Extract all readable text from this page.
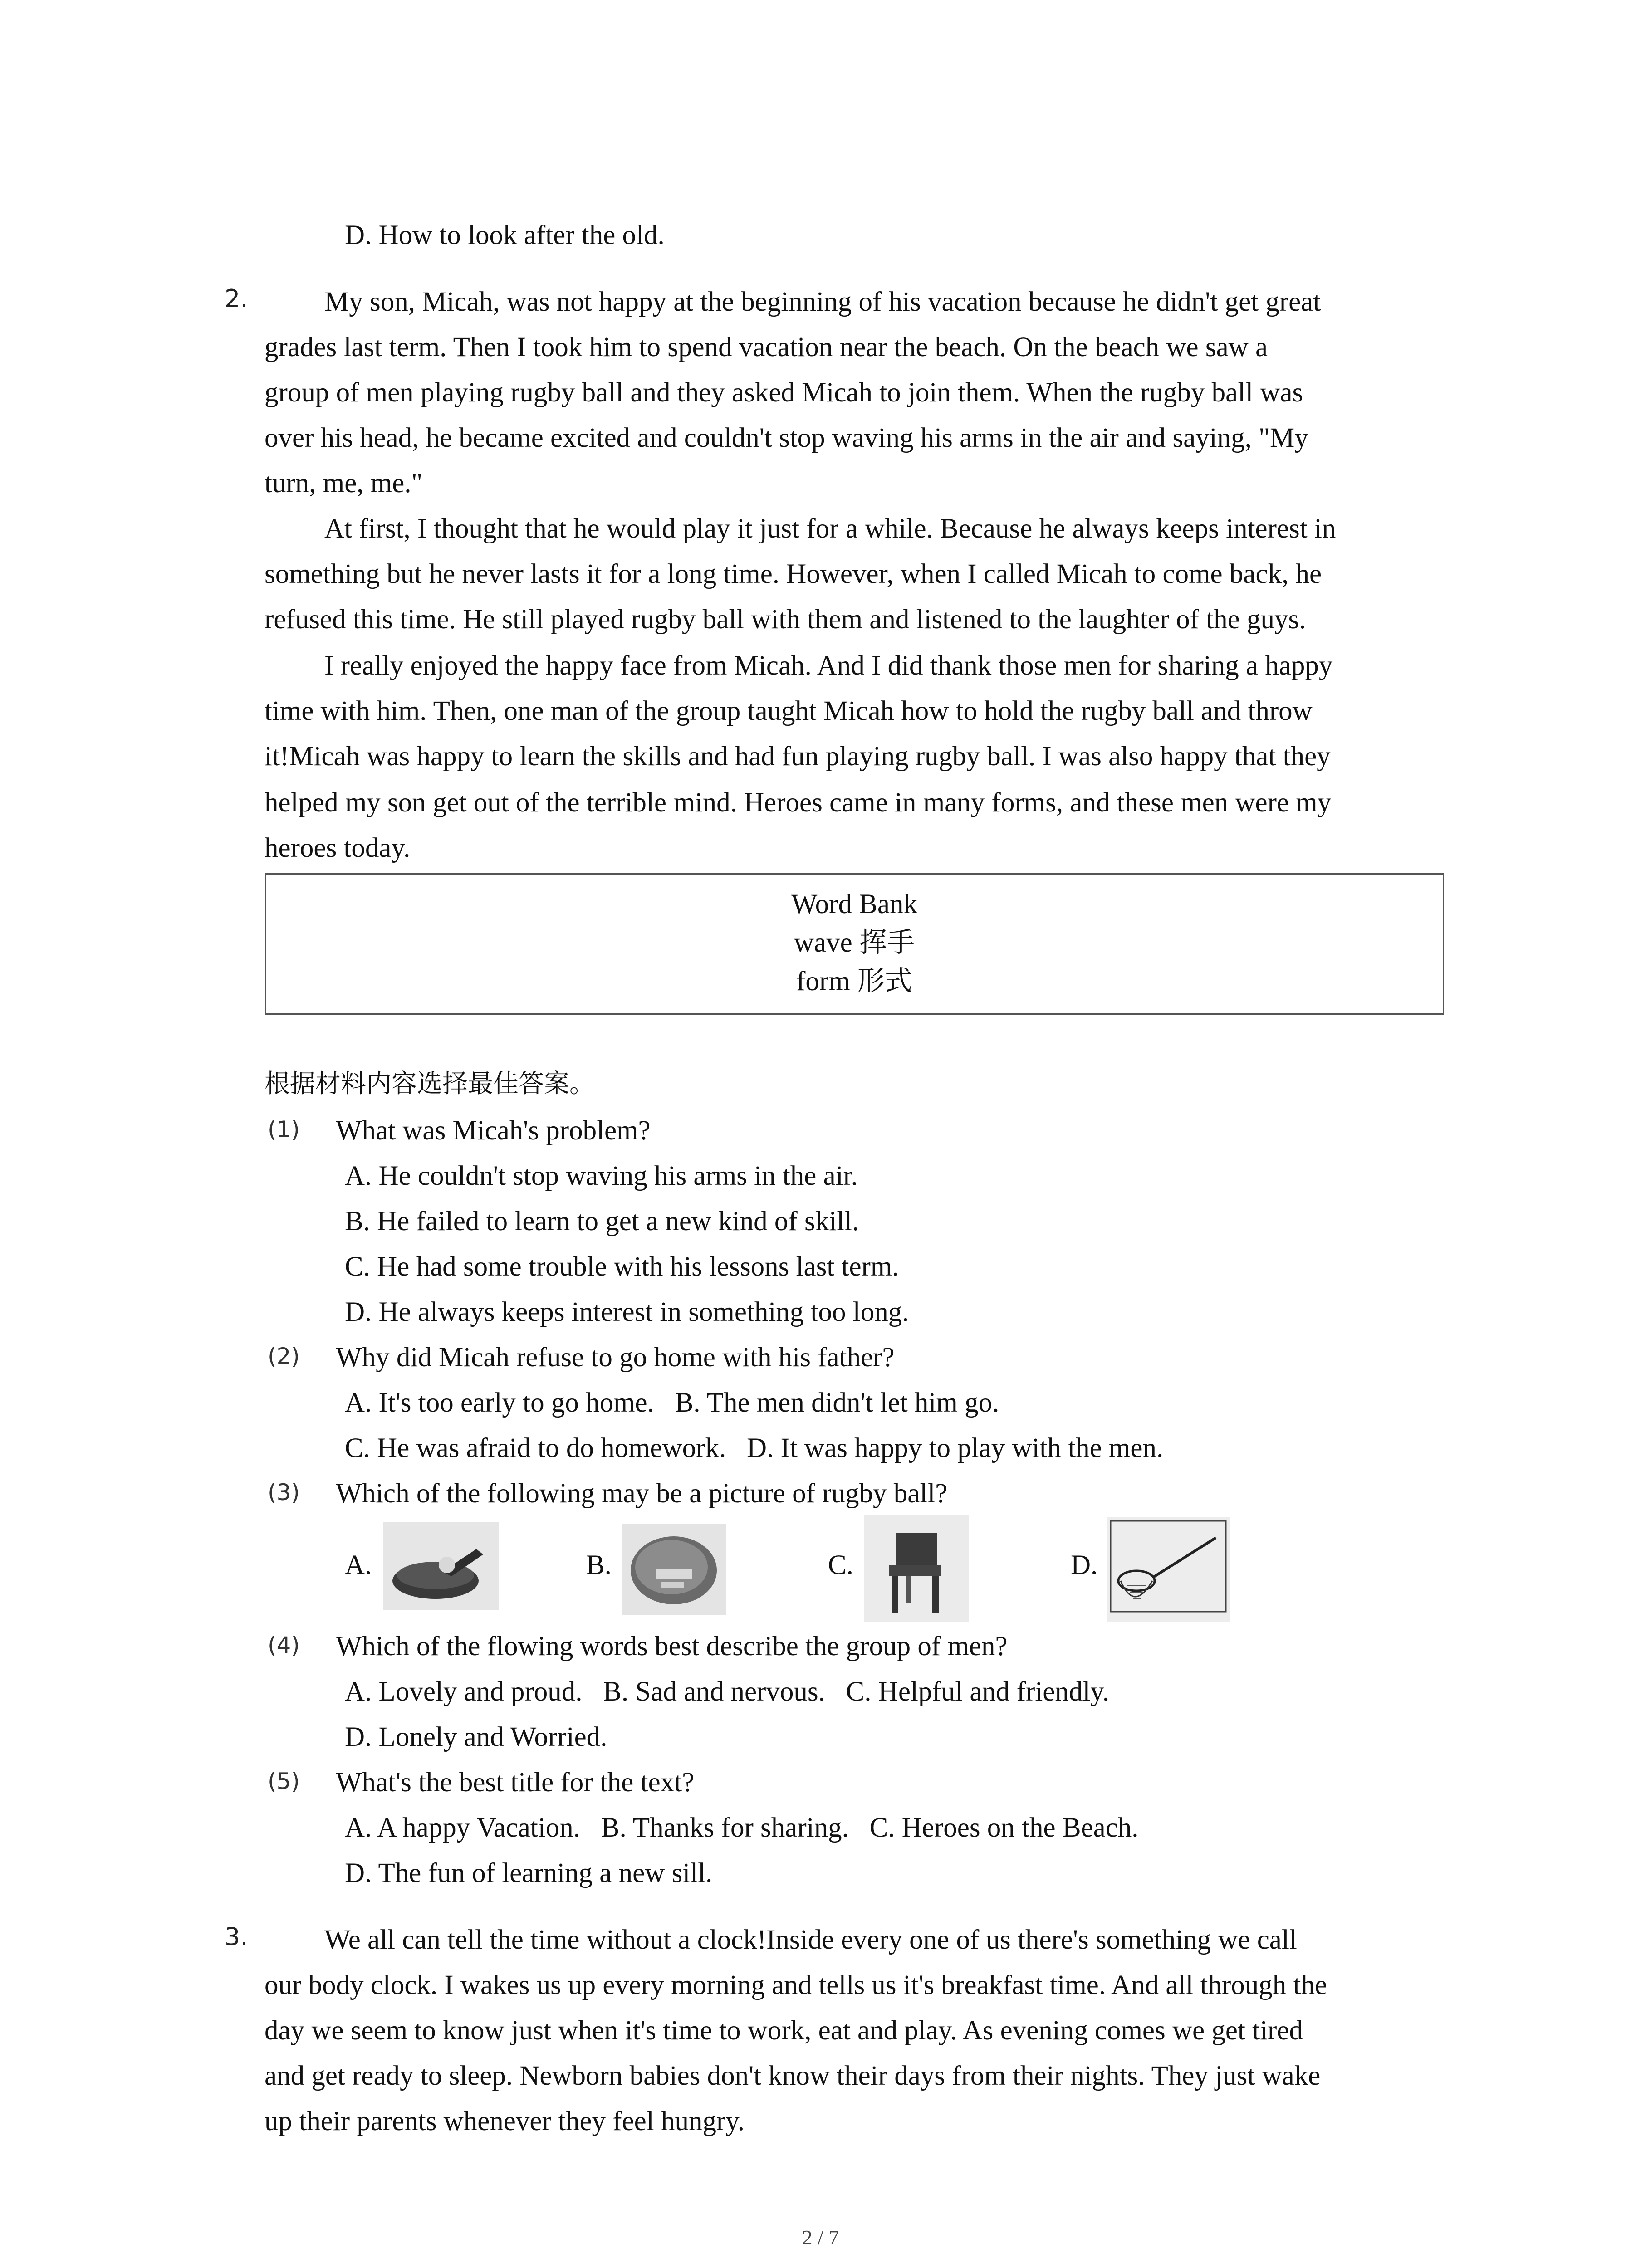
D. How to look after the old.
2.	My son, Micah, was not happy at the beginning of his vacation because he didn't get great
grades last term. Then I took him to spend vacation near the beach. On the beach we saw a
group of men playing rugby ball and they asked Micah to join them. When the rugby ball was
over his head, he became excited and couldn't stop waving his arms in the air and saying, "My
turn, me, me."
At first, I thought that he would play it just for a while. Because he always keeps interest in
something but he never lasts it for a long time. However, when I called Micah to come back, he
refused this time. He still played rugby ball with them and listened to the laughter of the guys.
I really enjoyed the happy face from Micah. And I did thank those men for sharing a happy
time with him. Then, one man of the group taught Micah how to hold the rugby ball and throw
it!Micah was happy to learn the skills and had fun playing rugby ball. I was also happy that they
helped my son get out of the terrible mind. Heroes came in many forms, and these men were my
heroes today.
Word Bank
wave 挥手
form 形式
根据材料内容选择最佳答案。
(1) What was Micah's problem?
A. He couldn't stop waving his arms in the air.
B. He failed to learn to get a new kind of skill.
C. He had some trouble with his lessons last term.
D. He always keeps interest in something too long.
(2) Why did Micah refuse to go home with his father?
A. It's too early to go home.   B. The men didn't let him go.
C. He was afraid to do homework.   D. It was happy to play with the men.
(3) Which of the following may be a picture of rugby ball?
A.	B.	C.	D.
(4) Which of the flowing words best describe the group of men?
A. Lovely and proud.   B. Sad and nervous.   C. Helpful and friendly.
D. Lonely and Worried.
(5) What's the best title for the text?
A. A happy Vacation.   B. Thanks for sharing.   C. Heroes on the Beach.
D. The fun of learning a new sill.
3.	We all can tell the time without a clock!Inside every one of us there's something we call
our body clock. I wakes us up every morning and tells us it's breakfast time. And all through the
day we seem to know just when it's time to work, eat and play. As evening comes we get tired
and get ready to sleep. Newborn babies don't know their days from their nights. They just wake
up their parents whenever they feel hungry.
2 / 7
